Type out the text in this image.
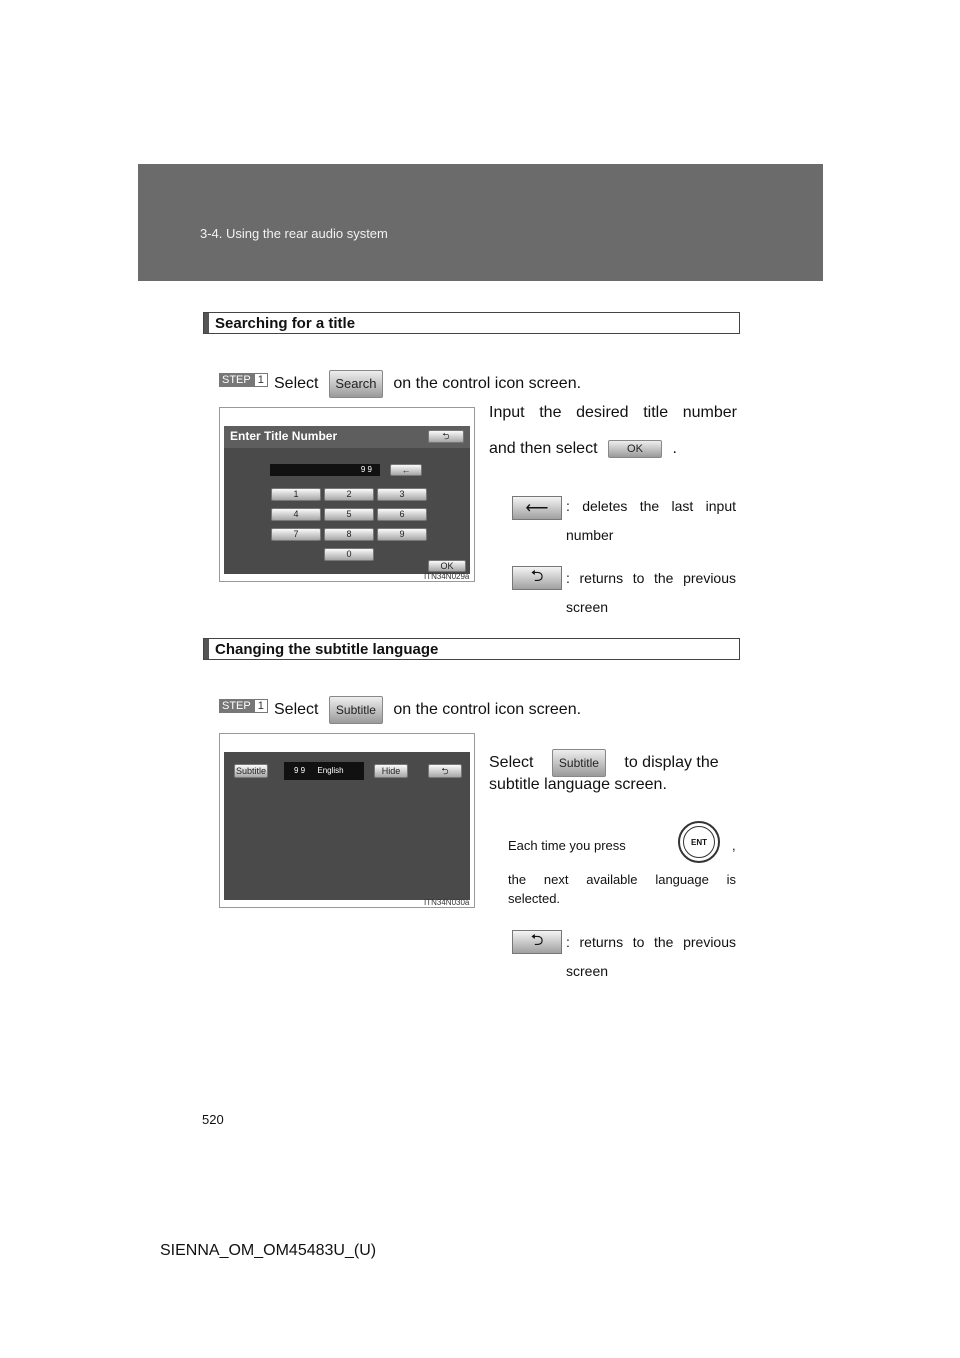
3-4. Using the rear audio system
Searching for a title
STEP 1 Select Search on the control icon screen.
Enter Title Number	⮌
9 9	←
1	2	3
4	5	6
7	8	9
0
OK
ITN34N029a
Input the desired title number
and then select	OK .
⟵ : deletes the last input number
⮌ : returns to the previous screen
Changing the subtitle language
STEP 1 Select Subtitle on the control icon screen.
Subtitle	9 9 English	Hide	⮌
ITN34N030a
Select Subtitle to display the
subtitle language screen.
Each time you press	ENT	,
the next available language is
selected.
⮌ : returns to the previous screen
520
SIENNA_OM_OM45483U_(U)
